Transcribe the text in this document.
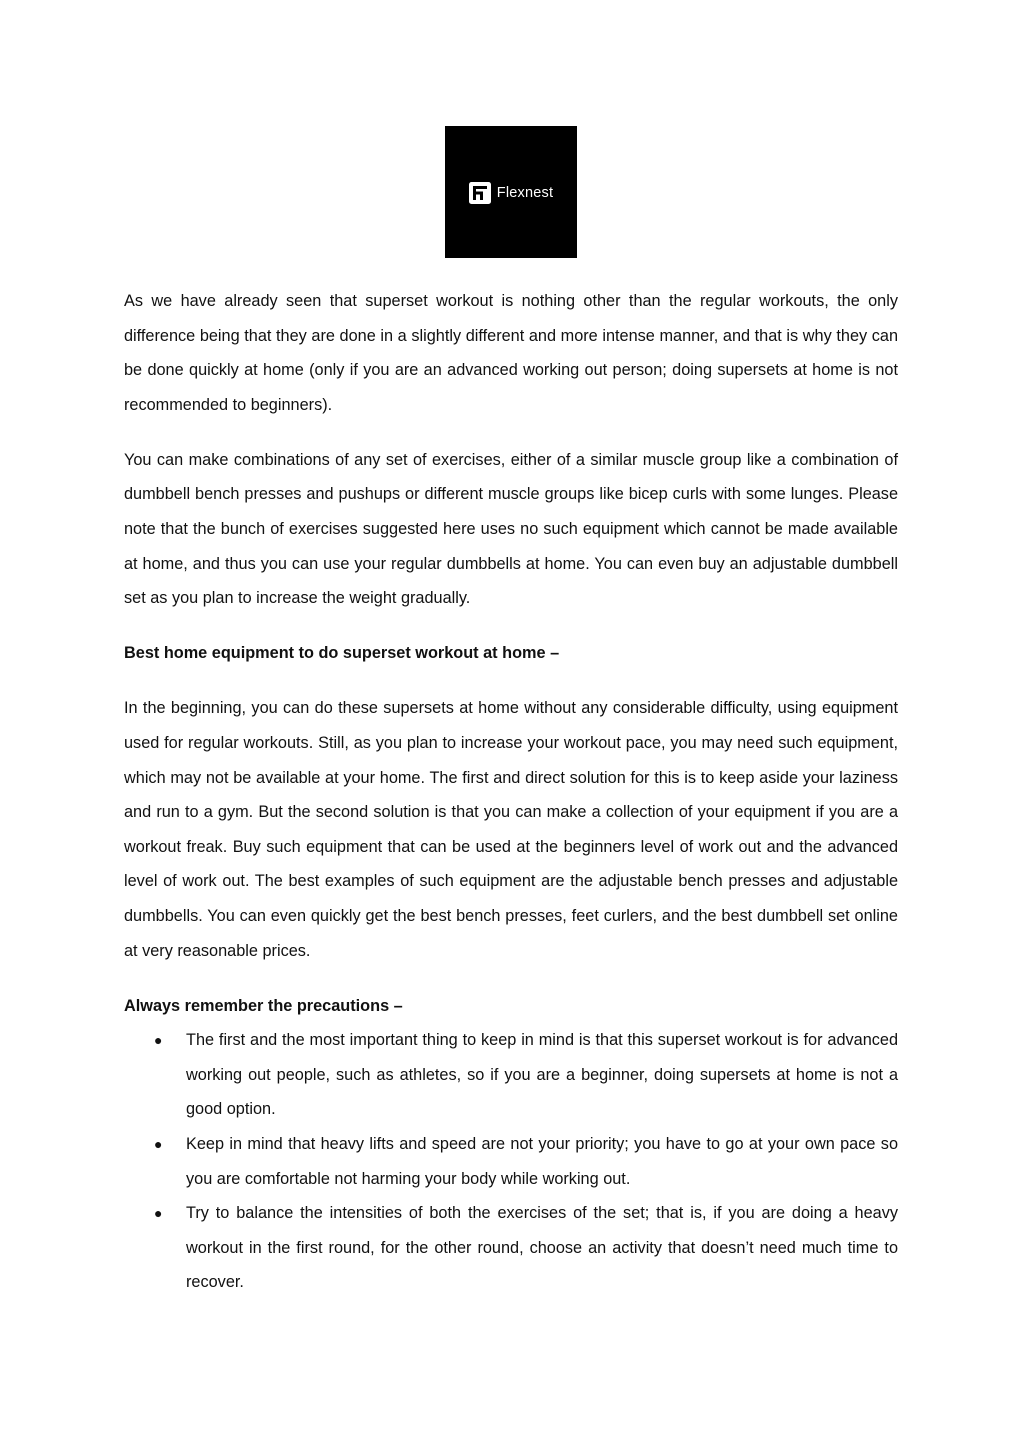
Flexnest

As we have already seen that superset workout is nothing other than the regular workouts, the only difference being that they are done in a slightly different and more intense manner, and that is why they can be done quickly at home (only if you are an advanced working out person; doing supersets at home is not recommended to beginners).

You can make combinations of any set of exercises, either of a similar muscle group like a combination of dumbbell bench presses and pushups or different muscle groups like bicep curls with some lunges. Please note that the bunch of exercises suggested here uses no such equipment which cannot be made available at home, and thus you can use your regular dumbbells at home. You can even buy an adjustable dumbbell set as you plan to increase the weight gradually.

Best home equipment to do superset workout at home –

In the beginning, you can do these supersets at home without any considerable difficulty, using equipment used for regular workouts. Still, as you plan to increase your workout pace, you may need such equipment, which may not be available at your home. The first and direct solution for this is to keep aside your laziness and run to a gym. But the second solution is that you can make a collection of your equipment if you are a workout freak. Buy such equipment that can be used at the beginners level of work out and the advanced level of work out. The best examples of such equipment are the adjustable bench presses and adjustable dumbbells. You can even quickly get the best bench presses, feet curlers, and the best dumbbell set online at very reasonable prices.

Always remember the precautions –

● The first and the most important thing to keep in mind is that this superset workout is for advanced working out people, such as athletes, so if you are a beginner, doing supersets at home is not a good option.
● Keep in mind that heavy lifts and speed are not your priority; you have to go at your own pace so you are comfortable not harming your body while working out.
● Try to balance the intensities of both the exercises of the set; that is, if you are doing a heavy workout in the first round, for the other round, choose an activity that doesn’t need much time to recover.
